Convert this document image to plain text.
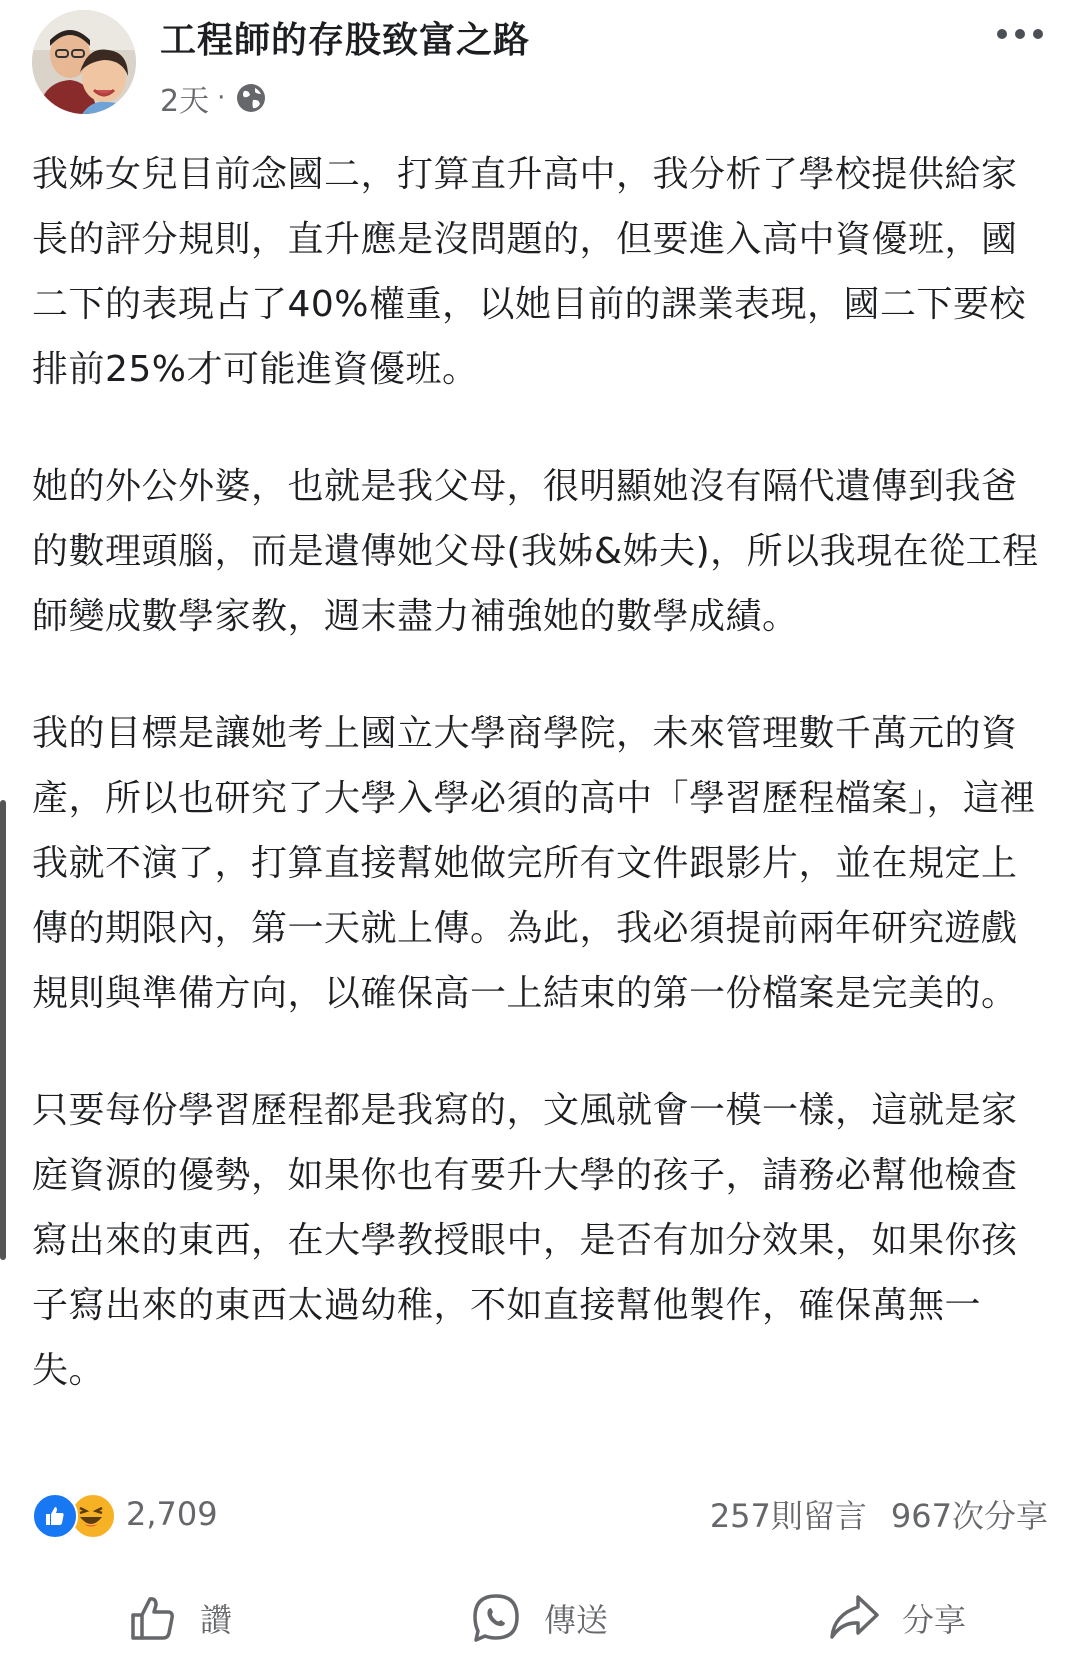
工程師的存股致富之路
2天 ·

我姊女兒目前念國二，打算直升高中，我分析了學校提供給家長的評分規則，直升應是沒問題的，但要進入高中資優班，國二下的表現占了40%權重，以她目前的課業表現，國二下要校排前25%才可能進資優班。

她的外公外婆，也就是我父母，很明顯她沒有隔代遺傳到我爸的數理頭腦，而是遺傳她父母(我姊&姊夫)，所以我現在從工程師變成數學家教，週末盡力補強她的數學成績。

我的目標是讓她考上國立大學商學院，未來管理數千萬元的資產，所以也研究了大學入學必須的高中「學習歷程檔案」，這裡我就不演了，打算直接幫她做完所有文件跟影片，並在規定上傳的期限內，第一天就上傳。為此，我必須提前兩年研究遊戲規則與準備方向，以確保高一上結束的第一份檔案是完美的。

只要每份學習歷程都是我寫的，文風就會一模一樣，這就是家庭資源的優勢，如果你也有要升大學的孩子，請務必幫他檢查寫出來的東西，在大學教授眼中，是否有加分效果，如果你孩子寫出來的東西太過幼稚，不如直接幫他製作，確保萬無一失。

2,709	257則留言 967次分享
讚	傳送	分享
